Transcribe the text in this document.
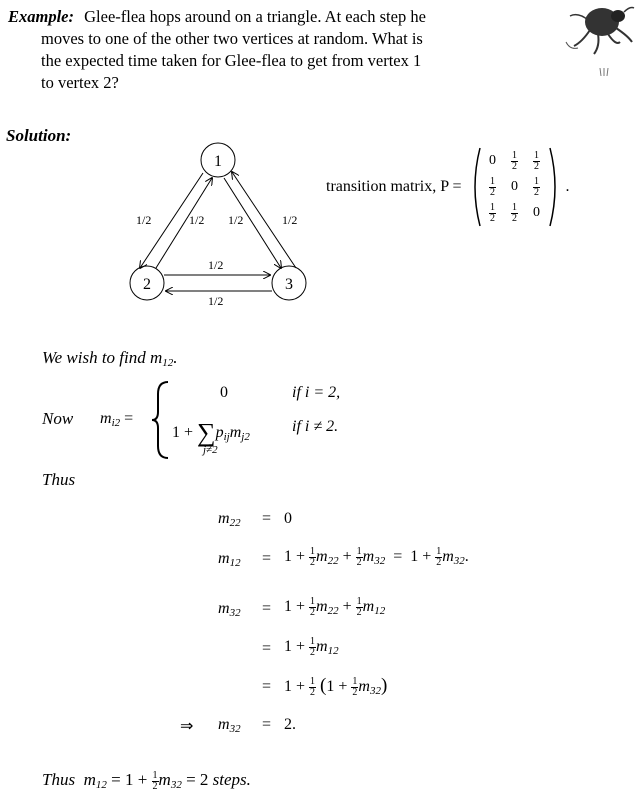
Example: Glee-flea hops around on a triangle. At each step he
moves to one of the other two vertices at random. What is
the expected time taken for Glee-flea to get from vertex 1
to vertex 2?
Solution:
1
2	3
1/2	1/2 1/2	1/2
1/2
1/2
transition matrix, P =
$0 \frac{1}{2} \frac{1}{2}$
$\frac{1}{2} 0 \frac{1}{2}$
$\frac{1}{2} \frac{1}{2} 0$
.
We wish to find $m_{12}$.
Now $m_{i2}$ =
0	if i = 2,
$1 + \sum p_{ij}m_{j2}$
j≠2
if i ≠ 2.
Thus
$m_{22} = 0$
$m_{12} = 1 + \frac{1}{2} m_{22} + \frac{1}{2} m_{32} = 1 + \frac{1}{2} m_{32}$.
$m_{32} = 1 + \frac{1}{2} m_{22} + \frac{1}{2} m_{12}$
= $1 + \frac{1}{2} m_{12}$
= $1 + \frac{1}{2} (1 + \frac{1}{2} m_{32})$
⇒ $m_{32} = 2$.
Thus  $m_{12} = 1 + \frac{1}{2} m_{32} = 2$ steps.
